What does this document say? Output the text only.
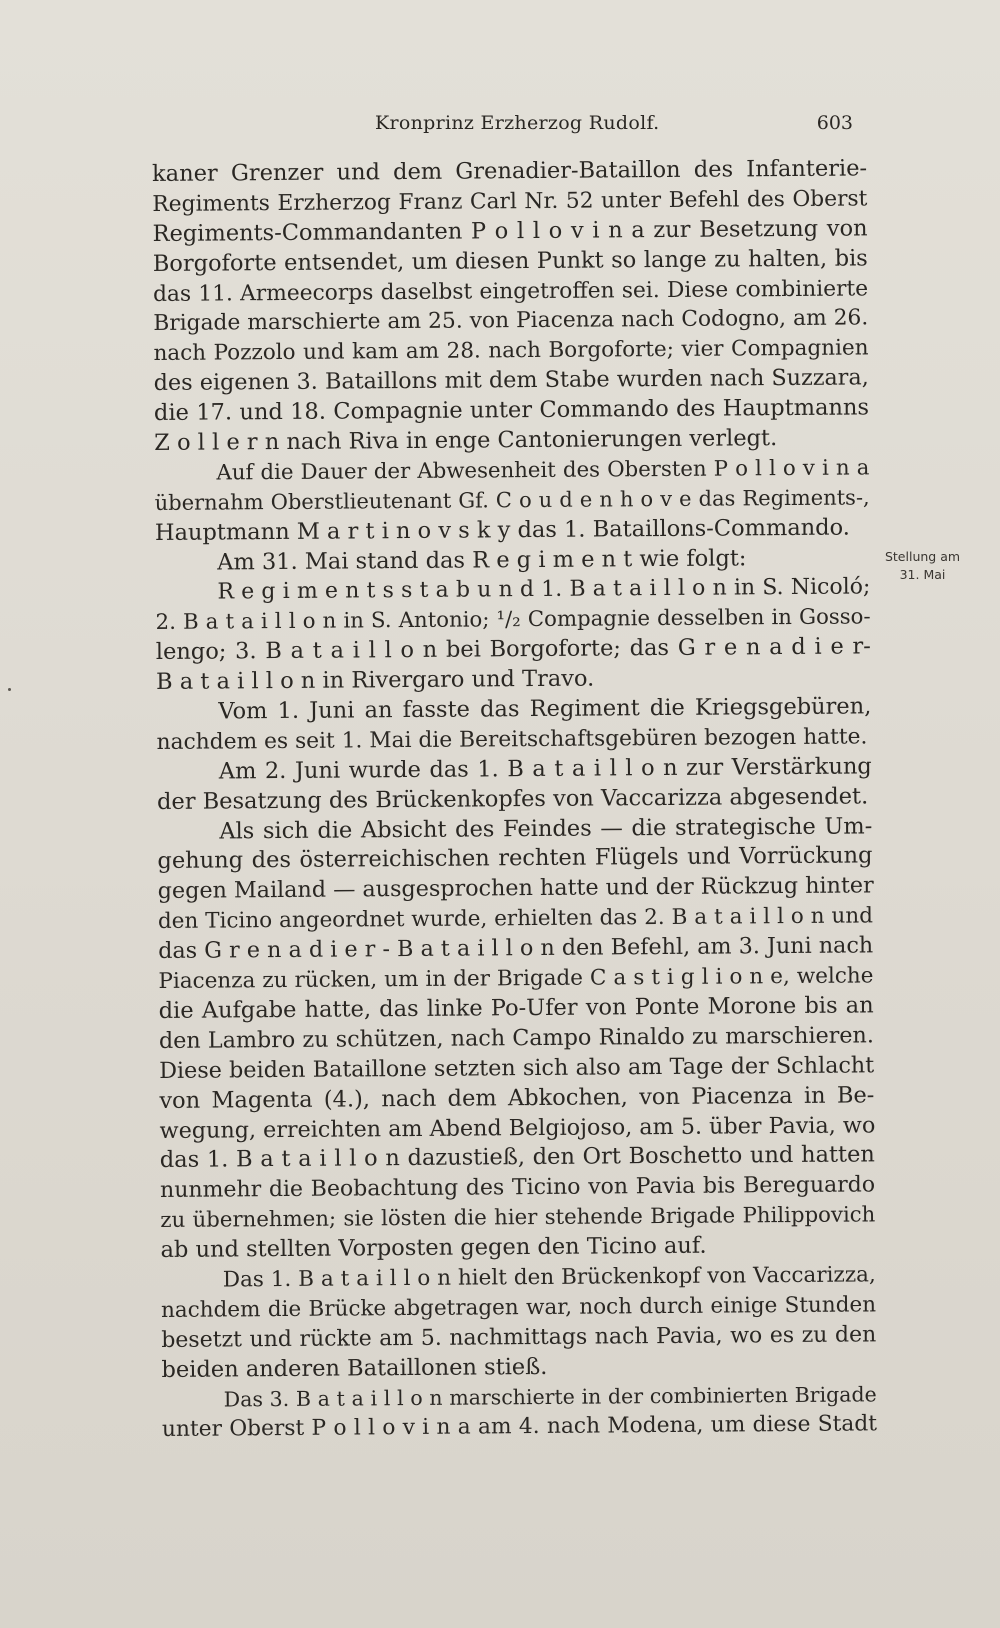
Kronprinz Erzherzog Rudolf.	603
Stellung am
31. Mai
kaner Grenzer und dem Grenadier-Bataillon des Infanterie-
Regiments Erzherzog Franz Carl Nr. 52 unter Befehl des Oberst
Regiments-Commandanten P o l l o v i n a zur Besetzung von
Borgoforte entsendet, um diesen Punkt so lange zu halten, bis
das 11. Armeecorps daselbst eingetroffen sei. Diese combinierte
Brigade marschierte am 25. von Piacenza nach Codogno, am 26.
nach Pozzolo und kam am 28. nach Borgoforte; vier Compagnien
des eigenen 3. Bataillons mit dem Stabe wurden nach Suzzara,
die 17. und 18. Compagnie unter Commando des Hauptmanns
Z o l l e r n nach Riva in enge Cantonierungen verlegt.
Auf die Dauer der Abwesenheit des Obersten P o l l o v i n a
übernahm Oberstlieutenant Gf. C o u d e n h o v e das Regiments-,
Hauptmann M a r t i n o v s k y das 1. Bataillons-Commando.
Am 31. Mai stand das R e g i m e n t wie folgt:
R e g i m e n t s s t a b u n d 1. B a t a i l l o n in S. Nicoló;
2. B a t a i l l o n in S. Antonio; ¹/₂ Compagnie desselben in Gosso-
lengo; 3. B a t a i l l o n bei Borgoforte; das G r e n a d i e r-
B a t a i l l o n in Rivergaro und Travo.
Vom 1. Juni an fasste das Regiment die Kriegsgebüren,
nachdem es seit 1. Mai die Bereitschaftsgebüren bezogen hatte.
Am 2. Juni wurde das 1. B a t a i l l o n zur Verstärkung
der Besatzung des Brückenkopfes von Vaccarizza abgesendet.
Als sich die Absicht des Feindes — die strategische Um-
gehung des österreichischen rechten Flügels und Vorrückung
gegen Mailand — ausgesprochen hatte und der Rückzug hinter
den Ticino angeordnet wurde, erhielten das 2. B a t a i l l o n und
das G r e n a d i e r - B a t a i l l o n den Befehl, am 3. Juni nach
Piacenza zu rücken, um in der Brigade C a s t i g l i o n e, welche
die Aufgabe hatte, das linke Po-Ufer von Ponte Morone bis an
den Lambro zu schützen, nach Campo Rinaldo zu marschieren.
Diese beiden Bataillone setzten sich also am Tage der Schlacht
von Magenta (4.), nach dem Abkochen, von Piacenza in Be-
wegung, erreichten am Abend Belgiojoso, am 5. über Pavia, wo
das 1. B a t a i l l o n dazustieß, den Ort Boschetto und hatten
nunmehr die Beobachtung des Ticino von Pavia bis Bereguardo
zu übernehmen; sie lösten die hier stehende Brigade Philippovich
ab und stellten Vorposten gegen den Ticino auf.
Das 1. B a t a i l l o n hielt den Brückenkopf von Vaccarizza,
nachdem die Brücke abgetragen war, noch durch einige Stunden
besetzt und rückte am 5. nachmittags nach Pavia, wo es zu den
beiden anderen Bataillonen stieß.
Das 3. B a t a i l l o n marschierte in der combinierten Brigade
unter Oberst P o l l o v i n a am 4. nach Modena, um diese Stadt
